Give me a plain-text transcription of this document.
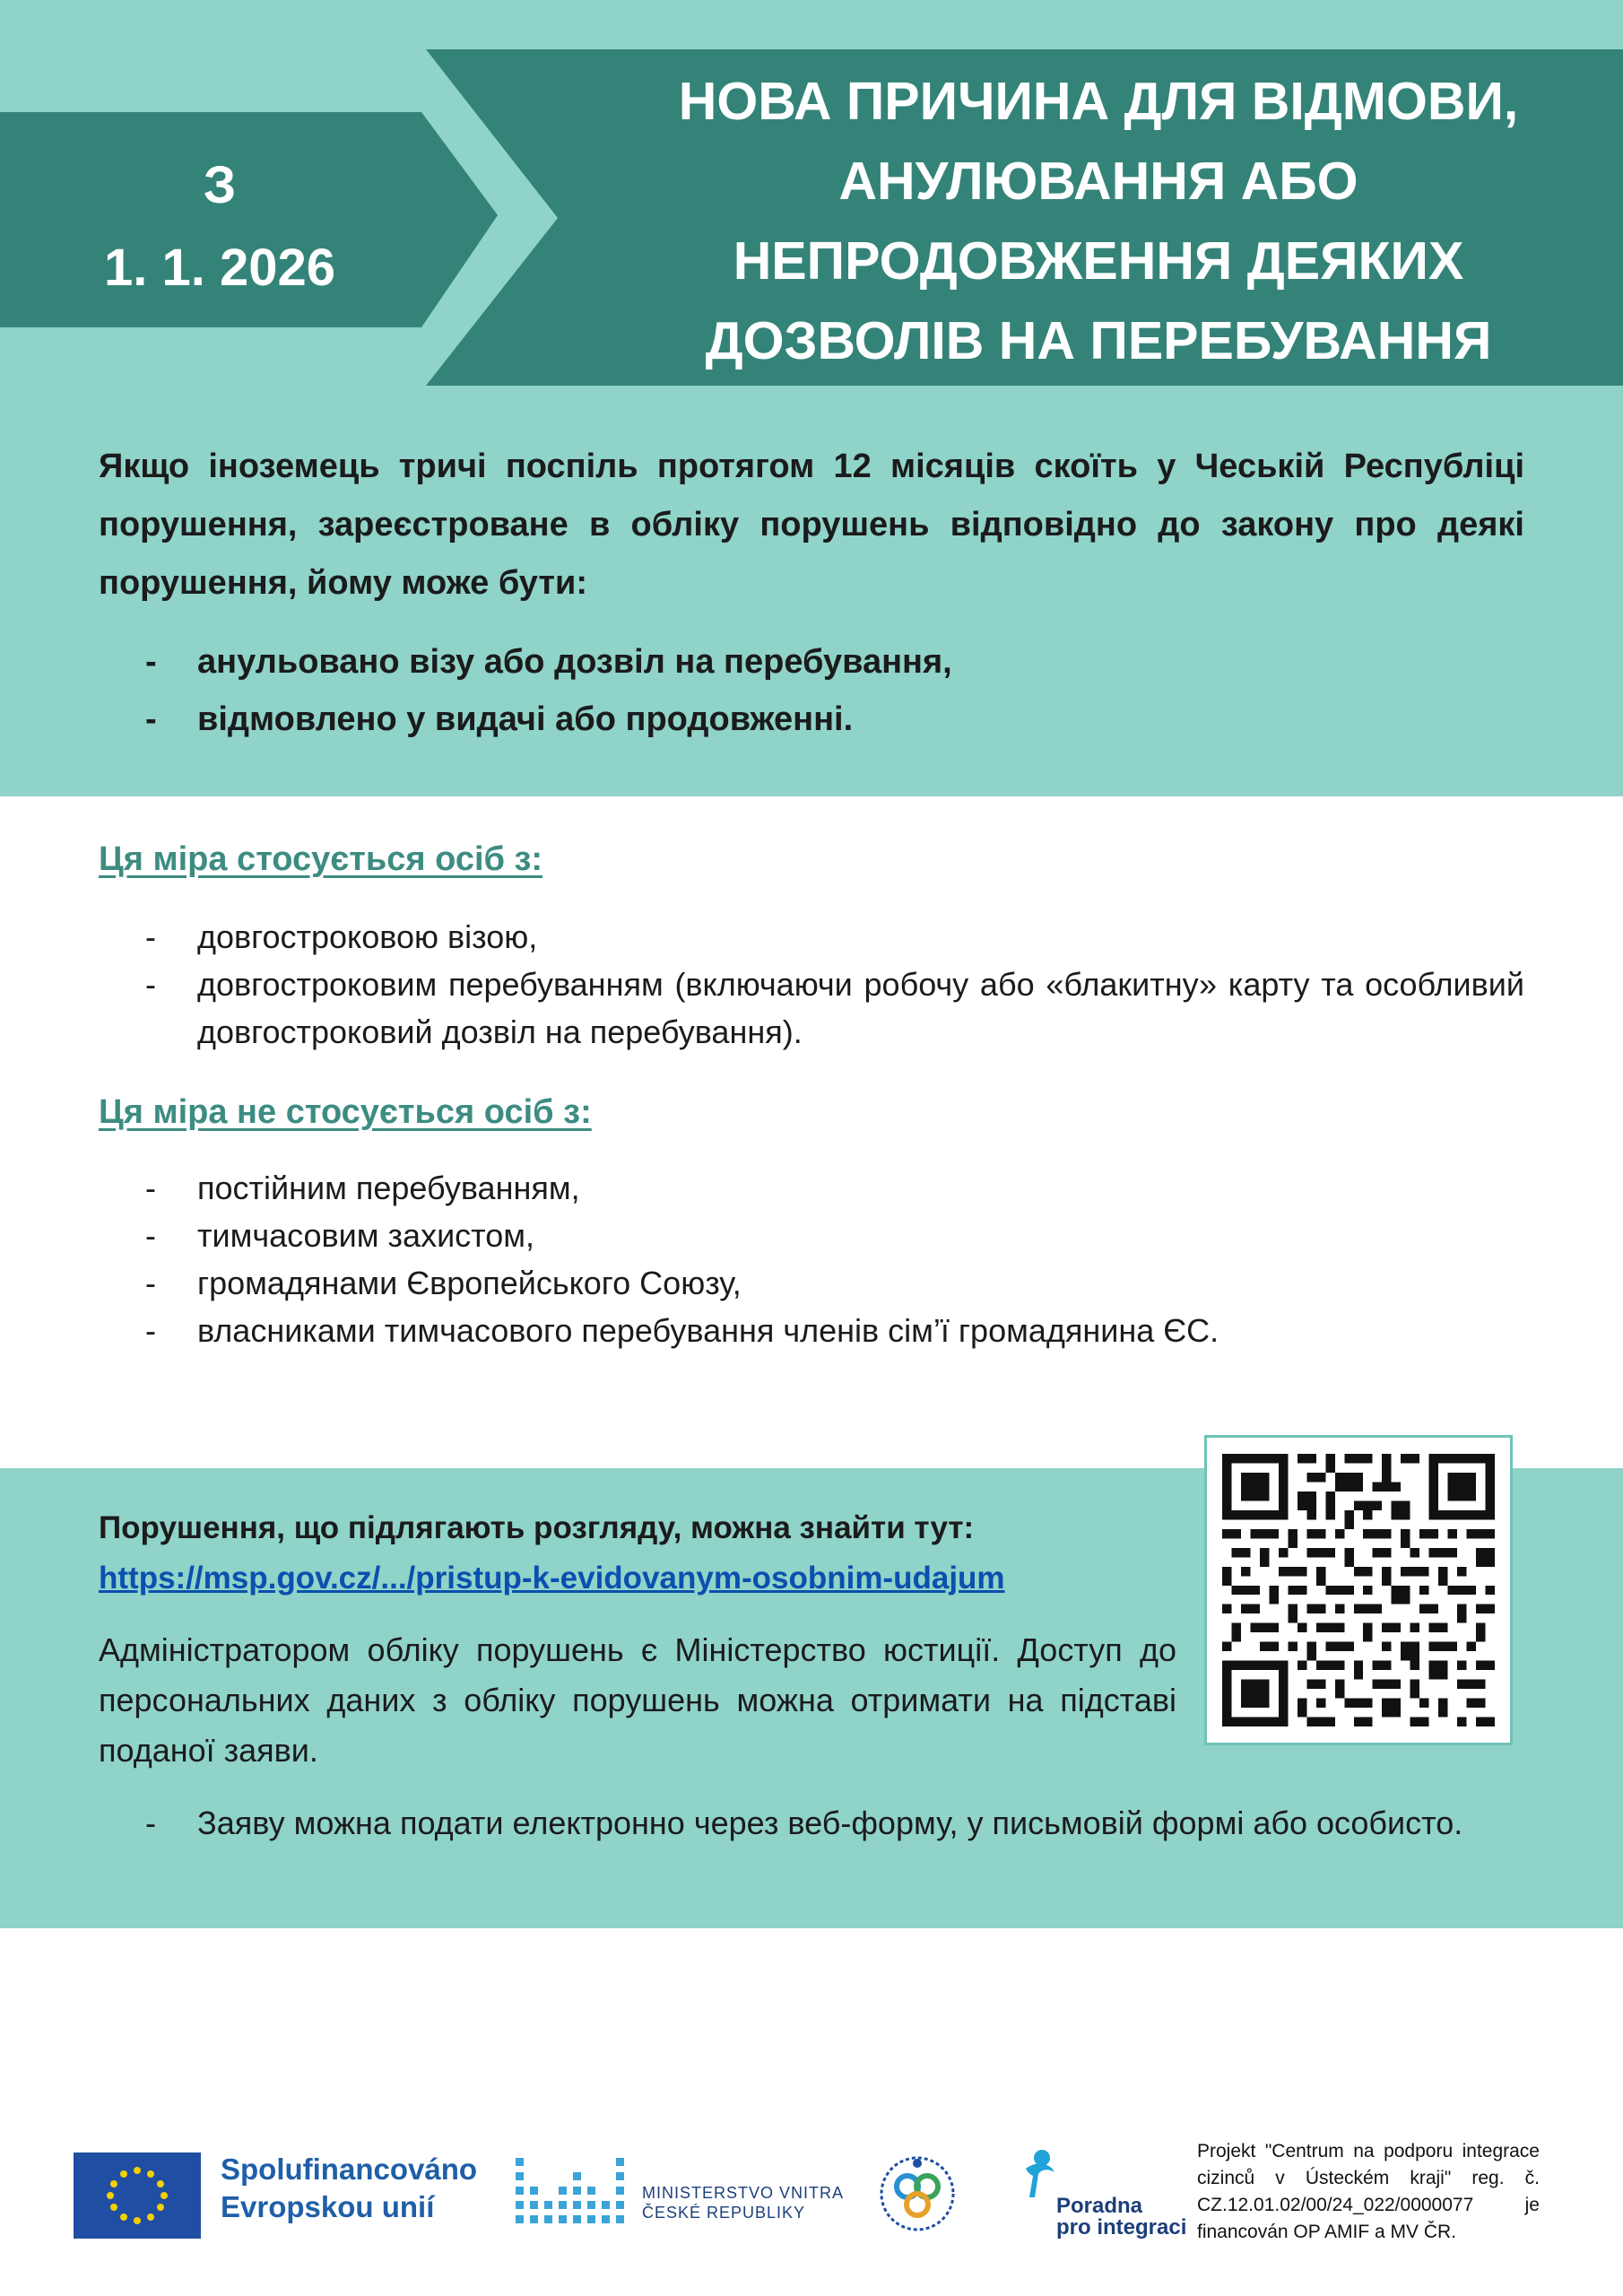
З
1. 1. 2026
НОВА ПРИЧИНА ДЛЯ ВІДМОВИ,
АНУЛЮВАННЯ АБО
НЕПРОДОВЖЕННЯ ДЕЯКИХ
ДОЗВОЛІВ НА ПЕРЕБУВАННЯ
Якщо іноземець тричі поспіль протягом 12 місяців скоїть у Чеській Республіці порушення, зареєстроване в обліку порушень відповідно до закону про деякі порушення, йому може бути:
- анульовано візу або дозвіл на перебування,
- відмовлено у видачі або продовженні.
Ця міра стосується осіб з:
- довгостроковою візою,
- довгостроковим перебуванням (включаючи робочу або «блакитну» карту та особливий довгостроковий дозвіл на перебування).
Ця міра не стосується осіб з:
- постійним перебуванням,
- тимчасовим захистом,
- громадянами Європейського Союзу,
- власниками тимчасового перебування членів сім’ї громадянина ЄС.
Порушення, що підлягають розгляду, можна знайти тут:
https://msp.gov.cz/.../pristup-k-evidovanym-osobnim-udajum
Адміністратором обліку порушень є Міністерство юстиції. Доступ до персональних даних з обліку порушень можна отримати на підставі поданої заяви.
- Заяву можна подати електронно через веб-форму, у письмовій формі або особисто.
Spolufinancováno
Evropskou unií	MINISTERSTVO VNITRA
ČESKÉ REPUBLIKY	Poradna
pro integraci
Projekt "Centrum na podporu integrace cizinců v Ústeckém kraji" reg. č. CZ.12.01.02/00/24_022/0000077 je financován OP AMIF a MV ČR.
